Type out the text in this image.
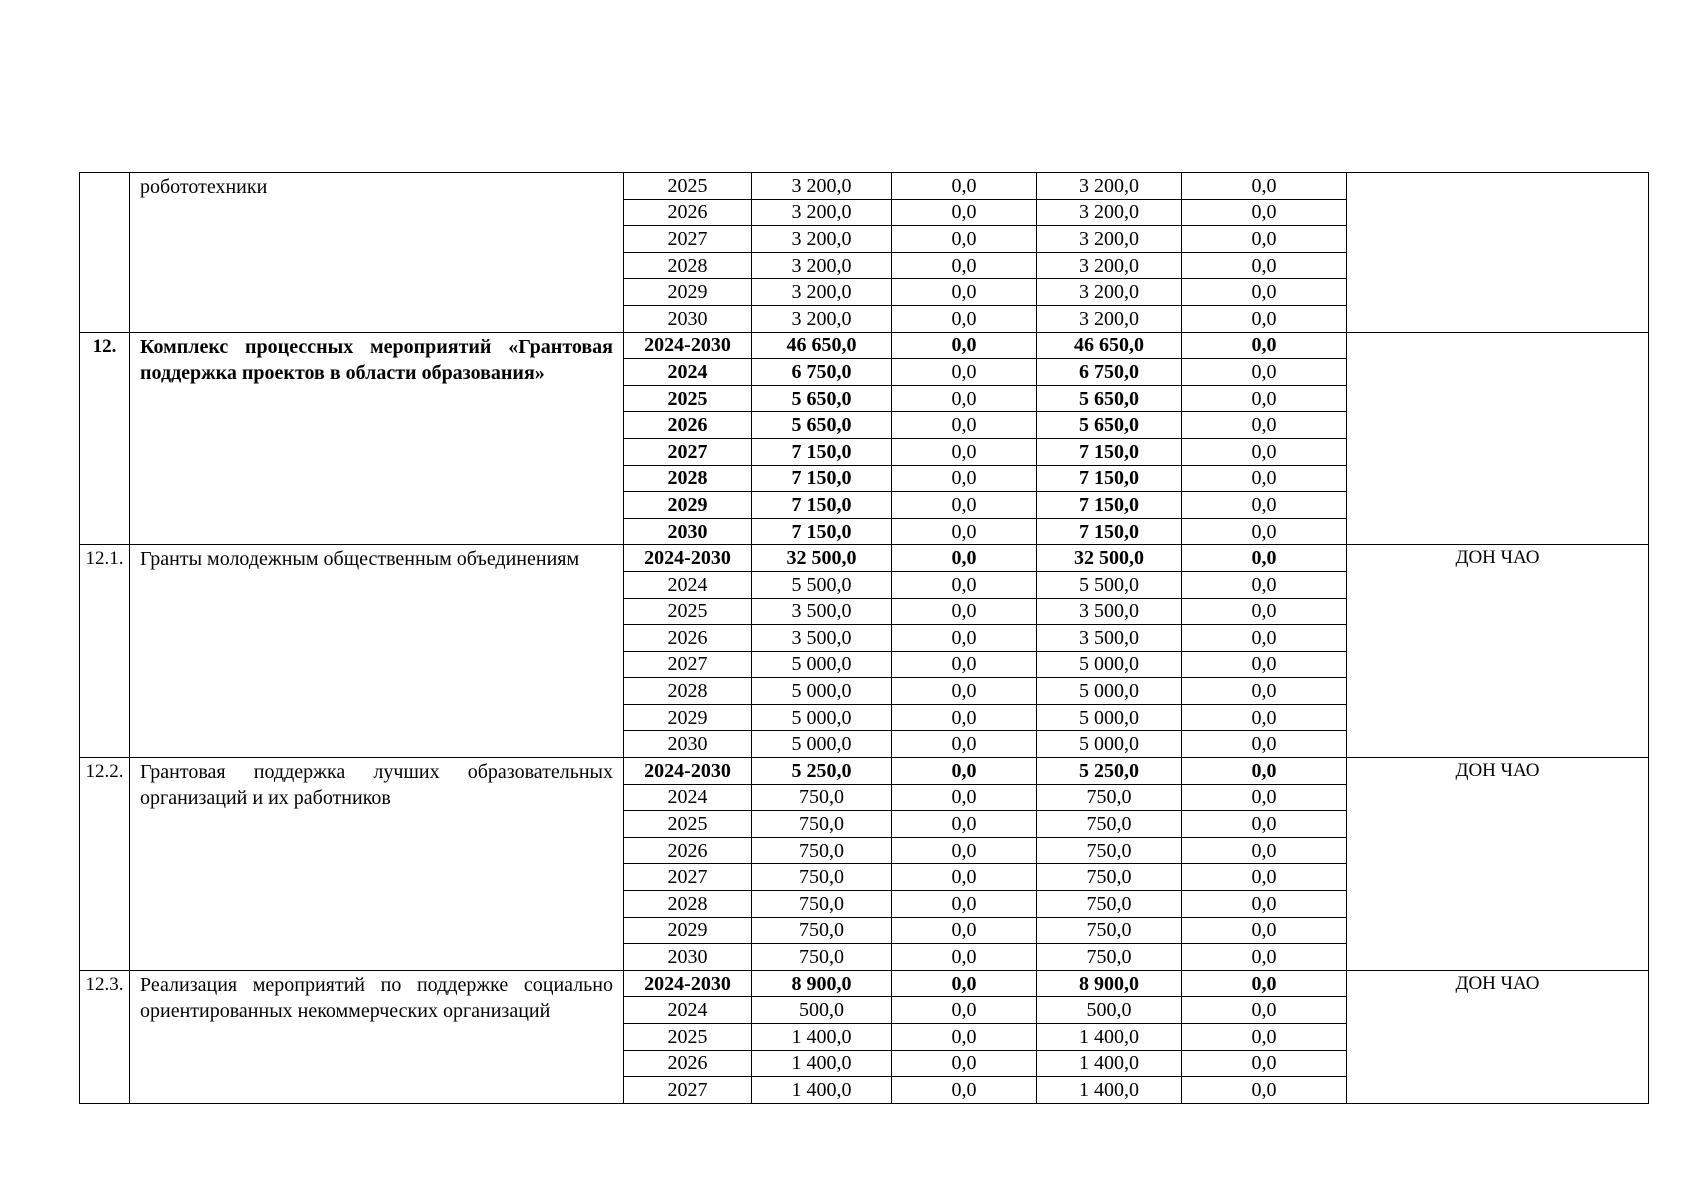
	робототехники	2025	3 200,0	0,0	3 200,0	0,0	
		2026	3 200,0	0,0	3 200,0	0,0	
		2027	3 200,0	0,0	3 200,0	0,0	
		2028	3 200,0	0,0	3 200,0	0,0	
		2029	3 200,0	0,0	3 200,0	0,0	
		2030	3 200,0	0,0	3 200,0	0,0	
12.	Комплекс процессных мероприятий «Грантовая поддержка проектов в области образования»	2024-2030	46 650,0	0,0	46 650,0	0,0	
		2024	6 750,0	0,0	6 750,0	0,0	
		2025	5 650,0	0,0	5 650,0	0,0	
		2026	5 650,0	0,0	5 650,0	0,0	
		2027	7 150,0	0,0	7 150,0	0,0	
		2028	7 150,0	0,0	7 150,0	0,0	
		2029	7 150,0	0,0	7 150,0	0,0	
		2030	7 150,0	0,0	7 150,0	0,0	
12.1.	Гранты молодежным общественным объединениям	2024-2030	32 500,0	0,0	32 500,0	0,0	ДОН ЧАО
		2024	5 500,0	0,0	5 500,0	0,0	
		2025	3 500,0	0,0	3 500,0	0,0	
		2026	3 500,0	0,0	3 500,0	0,0	
		2027	5 000,0	0,0	5 000,0	0,0	
		2028	5 000,0	0,0	5 000,0	0,0	
		2029	5 000,0	0,0	5 000,0	0,0	
		2030	5 000,0	0,0	5 000,0	0,0	
12.2.	Грантовая поддержка лучших образовательных организаций и их работников	2024-2030	5 250,0	0,0	5 250,0	0,0	ДОН ЧАО
		2024	750,0	0,0	750,0	0,0	
		2025	750,0	0,0	750,0	0,0	
		2026	750,0	0,0	750,0	0,0	
		2027	750,0	0,0	750,0	0,0	
		2028	750,0	0,0	750,0	0,0	
		2029	750,0	0,0	750,0	0,0	
		2030	750,0	0,0	750,0	0,0	
12.3.	Реализация мероприятий по поддержке социально ориентированных некоммерческих организаций	2024-2030	8 900,0	0,0	8 900,0	0,0	ДОН ЧАО
		2024	500,0	0,0	500,0	0,0	
		2025	1 400,0	0,0	1 400,0	0,0	
		2026	1 400,0	0,0	1 400,0	0,0	
		2027	1 400,0	0,0	1 400,0	0,0	
